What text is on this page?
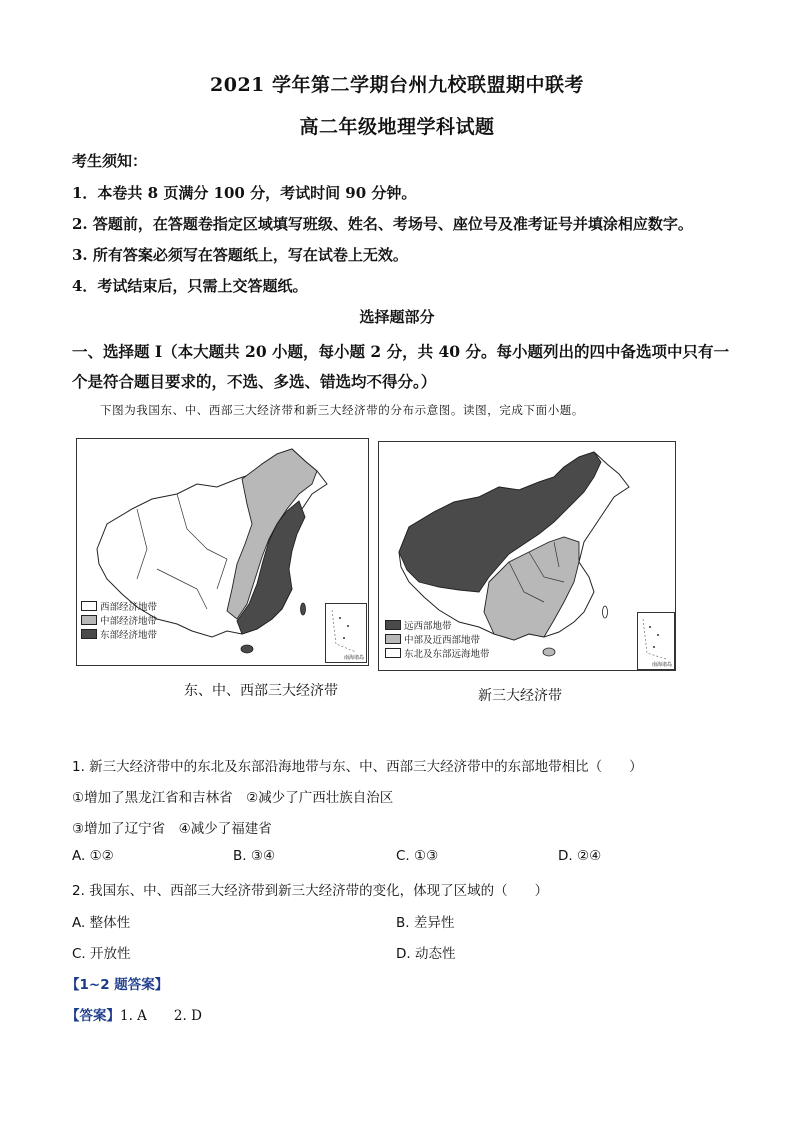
2021 学年第二学期台州九校联盟期中联考
高二年级地理学科试题
考生须知：
1．本卷共 8 页满分 100 分，考试时间 90 分钟。
2. 答题前，在答题卷指定区域填写班级、姓名、考场号、座位号及准考证号并填涂相应数字。
3. 所有答案必须写在答题纸上，写在试卷上无效。
4．考试结束后，只需上交答题纸。
选择题部分
一、选择题 I（本大题共 20 小题，每小题 2 分，共 40 分。每小题列出的四中备选项中只有一
个是符合题目要求的，不选、多选、错选均不得分。）
下图为我国东、中、西部三大经济带和新三大经济带的分布示意图。读图，完成下面小题。
西部经济地带
中部经济地带
东部经济地带
南海诸岛
东、中、西部三大经济带
远西部地带
中部及近西部地带
东北及东部远海地带
南海诸岛
新三大经济带
1. 新三大经济带中的东北及东部沿海地带与东、中、西部三大经济带中的东部地带相比（　　）
①增加了黑龙江省和吉林省　②减少了广西壮族自治区
③增加了辽宁省　④减少了福建省
A. ①②	B. ③④	C. ①③	D. ②④
2. 我国东、中、西部三大经济带到新三大经济带的变化，体现了区域的（　　）
A. 整体性	B. 差异性
C. 开放性	D. 动态性
【1~2 题答案】
【答案】1. A　　2. D
